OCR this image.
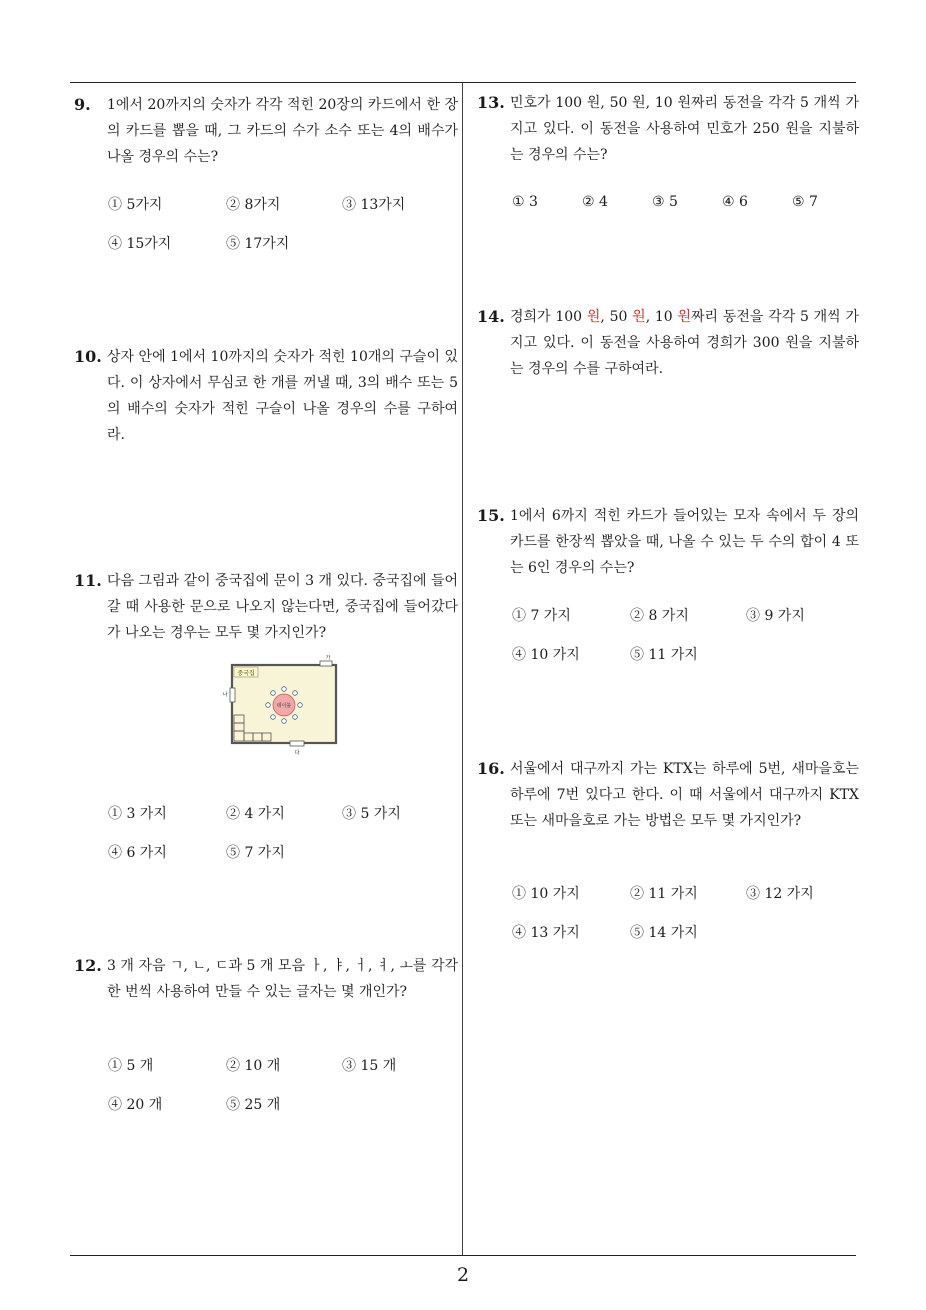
9. 1에서 20까지의 숫자가 각각 적힌 20장의 카드에서 한 장의 카드를 뽑을 때, 그 카드의 수가 소수 또는 4의 배수가 나올 경우의 수는?
① 5가지	② 8가지	③ 13가지
④ 15가지	⑤ 17가지
10. 상자 안에 1에서 10까지의 숫자가 적힌 10개의 구슬이 있다. 이 상자에서 무심코 한 개를 꺼낼 때, 3의 배수 또는 5의 배수의 숫자가 적힌 구슬이 나올 경우의 수를 구하여라.
11. 다음 그림과 같이 중국집에 문이 3 개 있다. 중국집에 들어갈 때 사용한 문으로 나오지 않는다면, 중국집에 들어갔다가 나오는 경우는 모두 몇 가지인가?
중국집
가
나
다
테이블
① 3 가지	② 4 가지	③ 5 가지
④ 6 가지	⑤ 7 가지
12. 3 개 자음 ㄱ, ㄴ, ㄷ과 5 개 모음 ㅏ, ㅑ, ㅓ, ㅕ, ㅗ를 각각 한 번씩 사용하여 만들 수 있는 글자는 몇 개인가?
① 5 개	② 10 개	③ 15 개
④ 20 개	⑤ 25 개
13. 민호가 100 원, 50 원, 10 원짜리 동전을 각각 5 개씩 가지고 있다. 이 동전을 사용하여 민호가 250 원을 지불하는 경우의 수는?
① 3	② 4	③ 5	④ 6	⑤ 7
14. 경희가 100 원, 50 원, 10 원짜리 동전을 각각 5 개씩 가지고 있다. 이 동전을 사용하여 경희가 300 원을 지불하는 경우의 수를 구하여라.
15. 1에서 6까지 적힌 카드가 들어있는 모자 속에서 두 장의 카드를 한장씩 뽑았을 때, 나올 수 있는 두 수의 합이 4 또는 6인 경우의 수는?
① 7 가지	② 8 가지	③ 9 가지
④ 10 가지	⑤ 11 가지
16. 서울에서 대구까지 가는 KTX는 하루에 5번, 새마을호는 하루에 7번 있다고 한다. 이 때 서울에서 대구까지 KTX 또는 새마을호로 가는 방법은 모두 몇 가지인가?
① 10 가지	② 11 가지	③ 12 가지
④ 13 가지	⑤ 14 가지
2
